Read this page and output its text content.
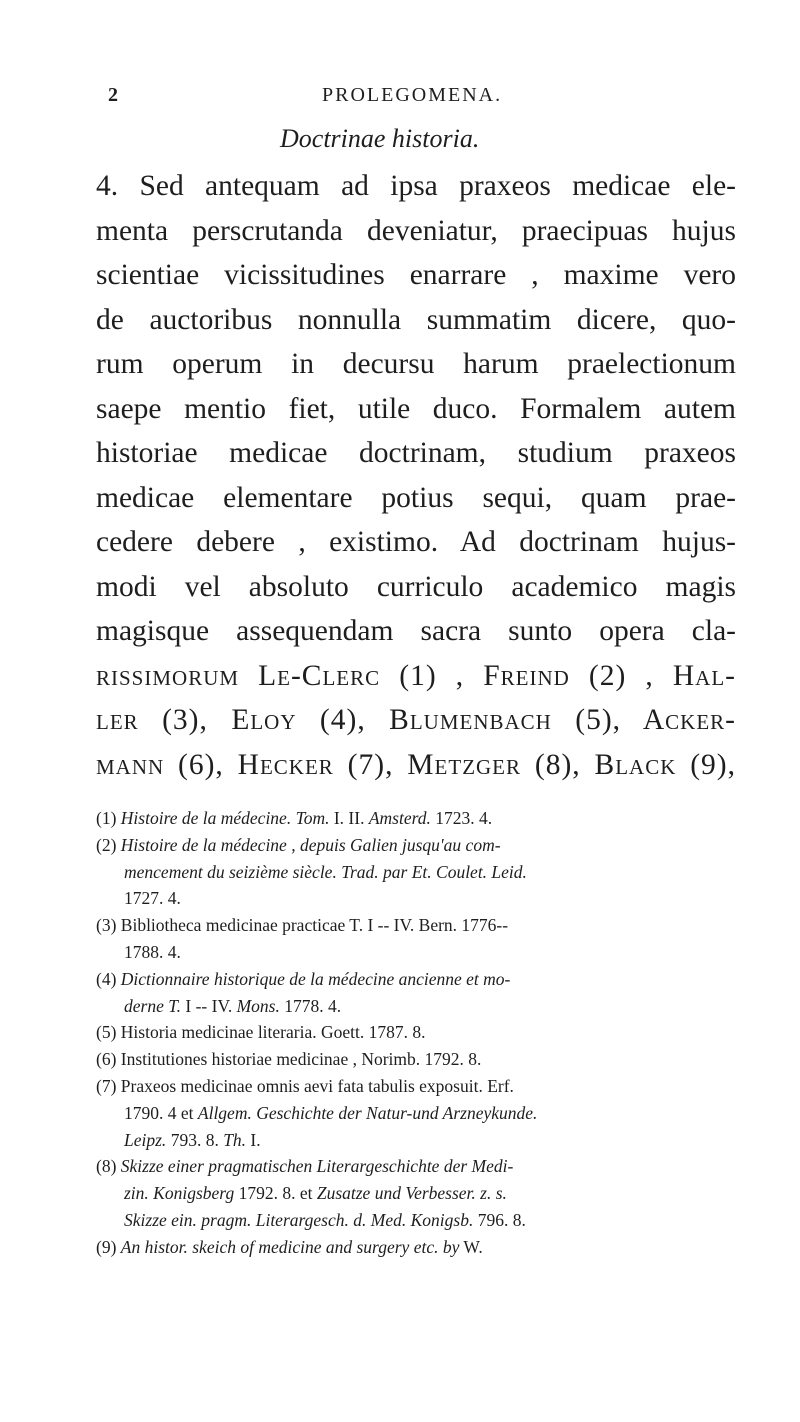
2	PROLEGOMENA.
Doctrinae historia.
4. Sed antequam ad ipsa praxeos medicae ele-
menta perscrutanda deveniatur, praecipuas hujus
scientiae vicissitudines enarrare , maxime vero
de auctoribus nonnulla summatim dicere, quo-
rum operum in decursu harum praelectionum
saepe mentio fiet, utile duco. Formalem autem
historiae medicae doctrinam, studium praxeos
medicae elementare potius sequi, quam prae-
cedere debere , existimo. Ad doctrinam hujus-
modi vel absoluto curriculo academico magis
magisque assequendam sacra sunto opera cla-
rissimorum Le-Clerc (1) , Freind (2) , Hal-
ler (3), Eloy (4), Blumenbach (5), Acker-
mann (6), Hecker (7), Metzger (8), Black (9),
(1) Histoire de la médecine. Tom. I. II. Amsterd. 1723. 4.
(2) Histoire de la médecine , depuis Galien jusqu'au com-
mencement du seizième siècle. Trad. par Et. Coulet. Leid.
1727. 4.
(3) Bibliotheca medicinae practicae T. I -- IV. Bern. 1776--
1788. 4.
(4) Dictionnaire historique de la médecine ancienne et mo-
derne T. I -- IV. Mons. 1778. 4.
(5) Historia medicinae literaria. Goett. 1787. 8.
(6) Institutiones historiae medicinae , Norimb. 1792. 8.
(7) Praxeos medicinae omnis aevi fata tabulis exposuit. Erf.
1790. 4 et Allgem. Geschichte der Natur-und Arzneykunde.
Leipz. 793. 8. Th. I.
(8) Skizze einer pragmatischen Literargeschichte der Medi-
zin. Konigsberg 1792. 8. et Zusatze und Verbesser. z. s.
Skizze ein. pragm. Literargesch. d. Med. Konigsb. 796. 8.
(9) An histor. skeich of medicine and surgery etc. by W.
